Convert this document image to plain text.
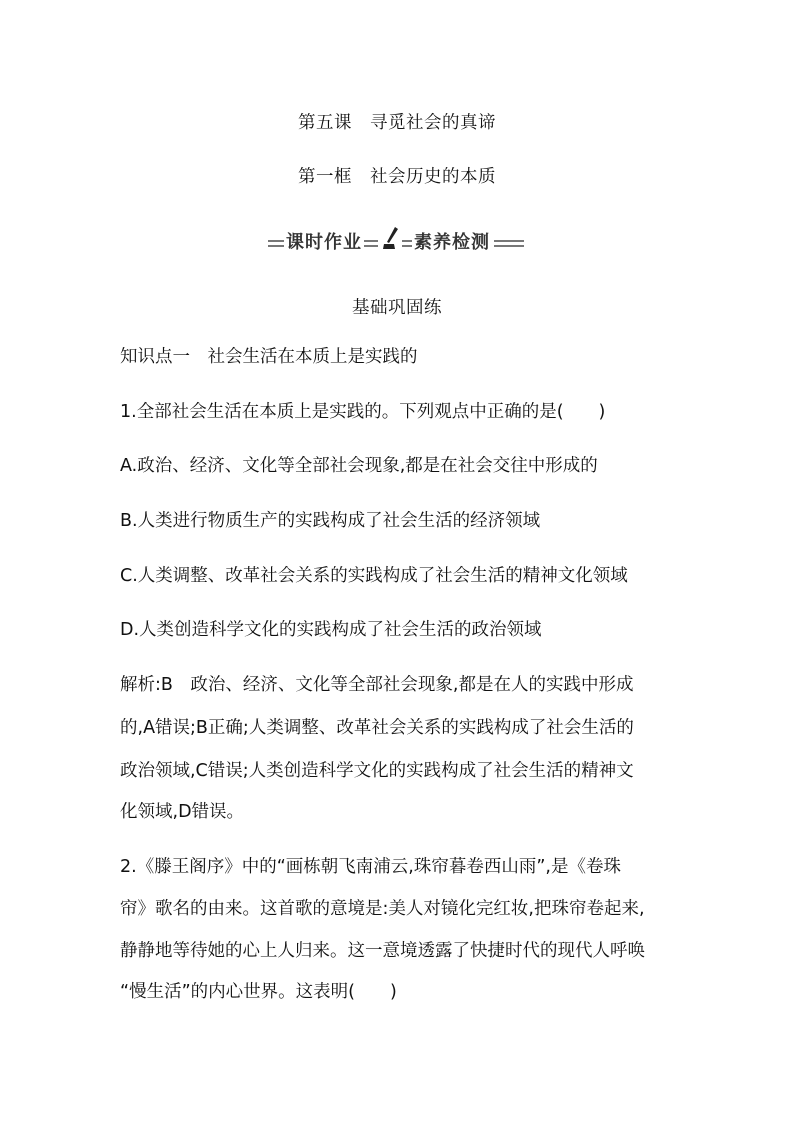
第五课　寻觅社会的真谛
第一框　社会历史的本质
课时作业	素养检测
基础巩固练
知识点一　社会生活在本质上是实践的
1.全部社会生活在本质上是实践的。下列观点中正确的是(　　)
A.政治、经济、文化等全部社会现象,都是在社会交往中形成的
B.人类进行物质生产的实践构成了社会生活的经济领域
C.人类调整、改革社会关系的实践构成了社会生活的精神文化领域
D.人类创造科学文化的实践构成了社会生活的政治领域
解析:B　政治、经济、文化等全部社会现象,都是在人的实践中形成
的,A错误;B正确;人类调整、改革社会关系的实践构成了社会生活的
政治领域,C错误;人类创造科学文化的实践构成了社会生活的精神文
化领域,D错误。
2.《滕王阁序》中的“画栋朝飞南浦云,珠帘暮卷西山雨”,是《卷珠
帘》歌名的由来。这首歌的意境是:美人对镜化完红妆,把珠帘卷起来,
静静地等待她的心上人归来。这一意境透露了快捷时代的现代人呼唤
“慢生活”的内心世界。这表明(　　)
